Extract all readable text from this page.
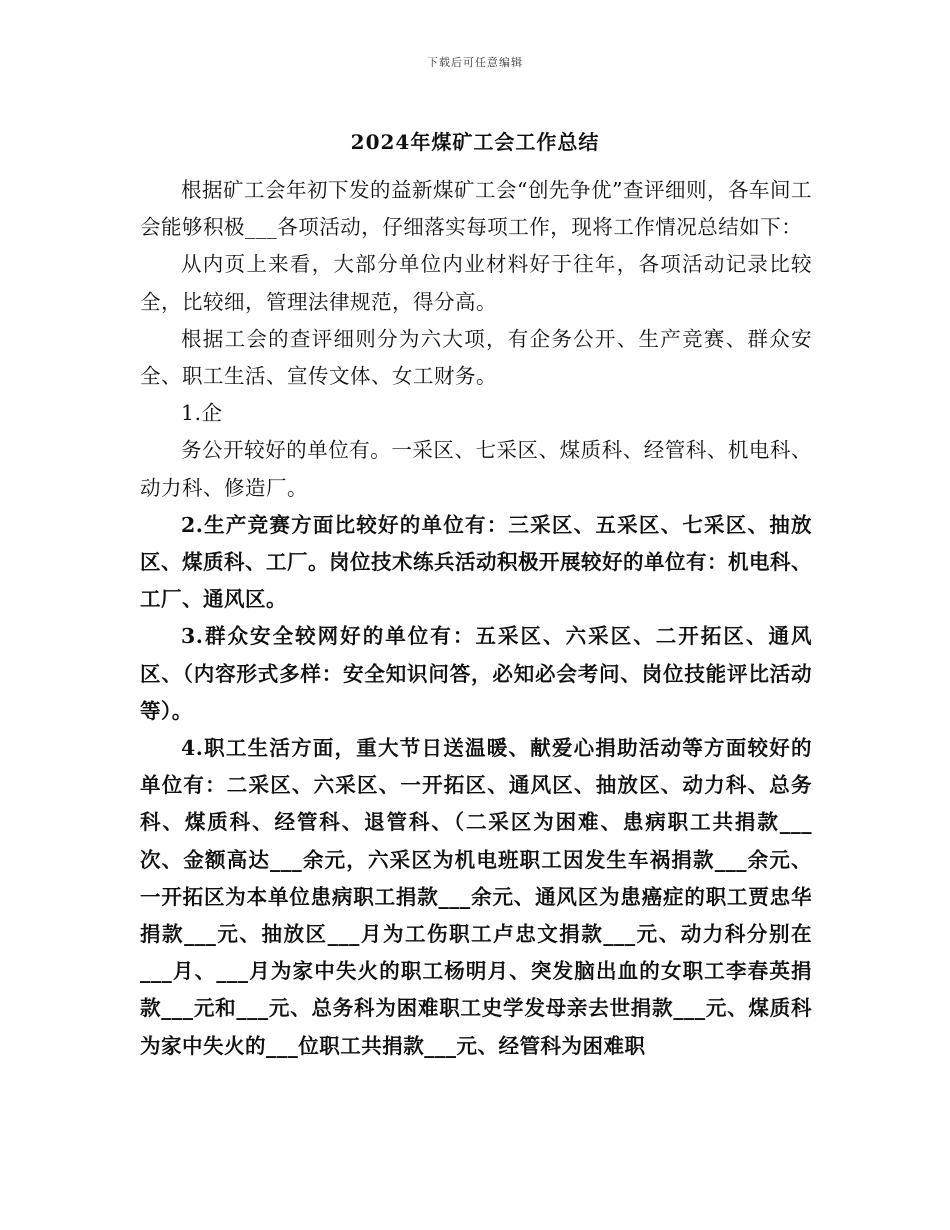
下载后可任意编辑
2024年煤矿工会工作总结

根据矿工会年初下发的益新煤矿工会“创先争优”查评细则，各车间工会能够积极___各项活动，仔细落实每项工作，现将工作情况总结如下：

从内页上来看，大部分单位内业材料好于往年，各项活动记录比较全，比较细，管理法律规范，得分高。

根据工会的查评细则分为六大项，有企务公开、生产竞赛、群众安全、职工生活、宣传文体、女工财务。

1.企

务公开较好的单位有。一采区、七采区、煤质科、经管科、机电科、动力科、修造厂。

2.生产竞赛方面比较好的单位有：三采区、五采区、七采区、抽放区、煤质科、工厂。岗位技术练兵活动积极开展较好的单位有：机电科、工厂、通风区。

3.群众安全较网好的单位有：五采区、六采区、二开拓区、通风区、（内容形式多样：安全知识问答，必知必会考问、岗位技能评比活动等）。

4.职工生活方面，重大节日送温暖、献爱心捐助活动等方面较好的单位有：二采区、六采区、一开拓区、通风区、抽放区、动力科、总务科、煤质科、经管科、退管科、（二采区为困难、患病职工共捐款___次、金额高达___余元，六采区为机电班职工因发生车祸捐款___余元、一开拓区为本单位患病职工捐款___余元、通风区为患癌症的职工贾忠华捐款___元、抽放区___月为工伤职工卢忠文捐款___元、动力科分别在___月、___月为家中失火的职工杨明月、突发脑出血的女职工李春英捐款___元和___元、总务科为困难职工史学发母亲去世捐款___元、煤质科为家中失火的___位职工共捐款___元、经管科为困难职
